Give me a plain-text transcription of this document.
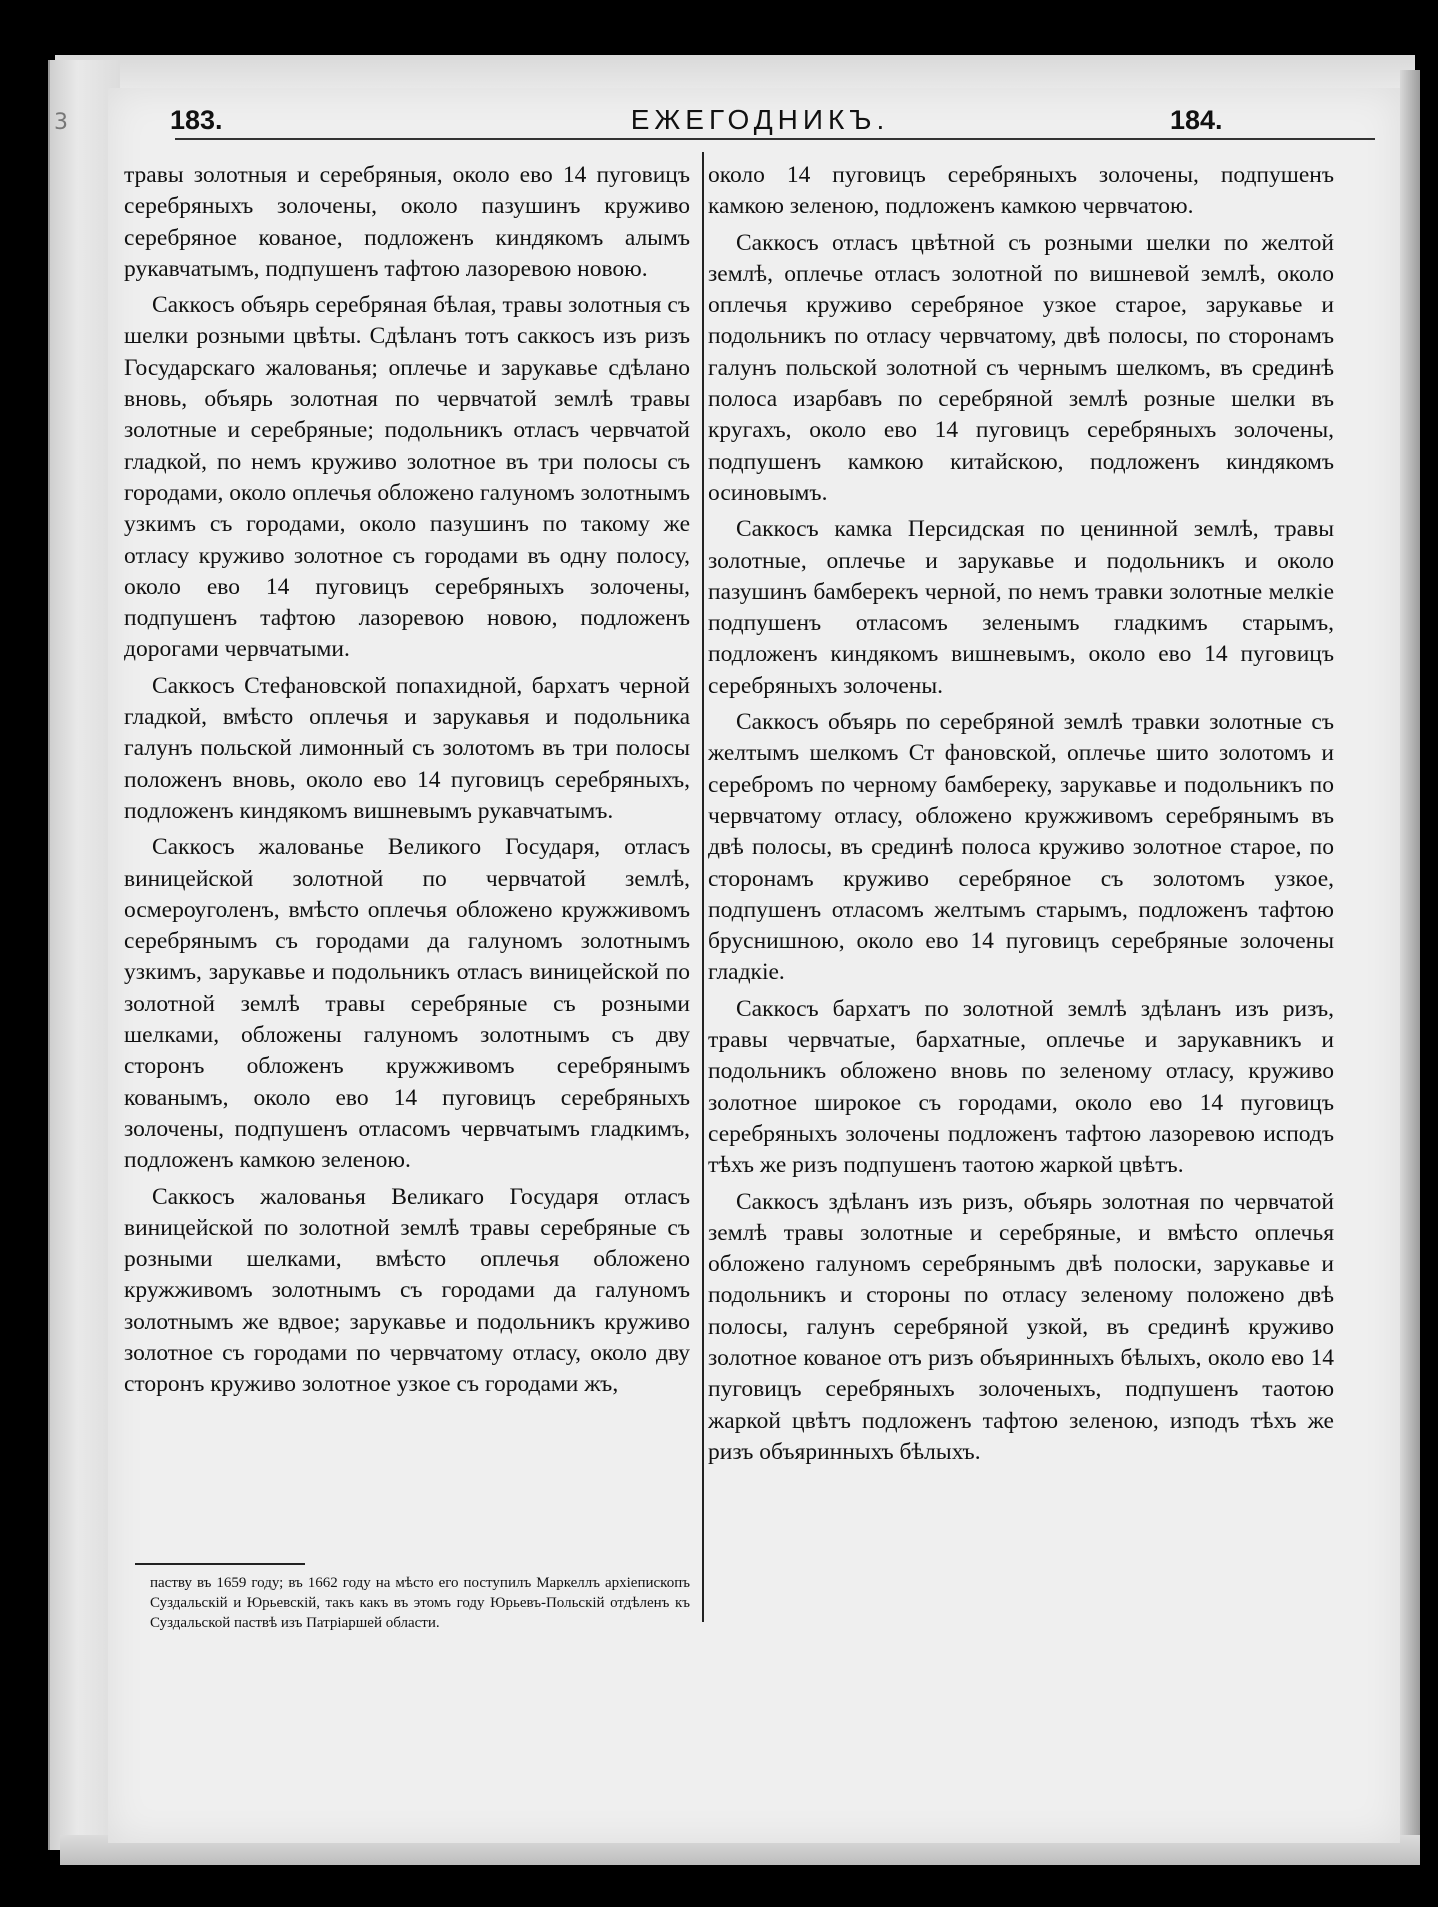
3	183.	ЕЖЕГОДНИКЪ.	184.

травы золотныя и серебряныя, около ево 14 пуговицъ серебряныхъ золочены, около пазушинъ круживо серебряное кованое, подложенъ киндякомъ алымъ рукавчатымъ, подпушенъ тафтою лазоревою новою.

Саккосъ объярь серебряная бѣлая, травы золотныя съ шелки розными цвѣты. Сдѣланъ тотъ саккосъ изъ ризъ Государскаго жалованья; оплечье и зарукавье сдѣлано вновь, объярь золотная по червчатой землѣ травы золотные и серебряные; подольникъ отласъ червчатой гладкой, по немъ круживо золотное въ три полосы съ городами, около оплечья обложено галуномъ золотнымъ узкимъ съ городами, около пазушинъ по такому же отласу круживо золотное съ городами въ одну полосу, около ево 14 пуговицъ серебряныхъ золочены, подпушенъ тафтою лазоревою новою, подложенъ дорогами червчатыми.

Саккосъ Стефановской попахидной, бархатъ черной гладкой, вмѣсто оплечья и зарукавья и подольника галунъ польской лимонный съ золотомъ въ три полосы положенъ вновь, около ево 14 пуговицъ серебряныхъ, подложенъ киндякомъ вишневымъ рукавчатымъ.

Саккосъ жалованье Великого Государя, отласъ виницейской золотной по червчатой землѣ, осмероуголенъ, вмѣсто оплечья обложено кружживомъ серебрянымъ съ городами да галуномъ золотнымъ узкимъ, зарукавье и подольникъ отласъ виницейской по золотной землѣ травы серебряные съ розными шелками, обложены галуномъ золотнымъ съ дву сторонъ обложенъ кружживомъ серебрянымъ кованымъ, около ево 14 пуговицъ серебряныхъ золочены, подпушенъ отласомъ червчатымъ гладкимъ, подложенъ камкою зеленою.

Саккосъ жалованья Великаго Государя отласъ виницейской по золотной землѣ травы серебряные съ розными шелками, вмѣсто оплечья обложено кружживомъ золотнымъ съ городами да галуномъ золотнымъ же вдвое; зарукавье и подольникъ круживо золотное съ городами по червчатому отласу, около дву сторонъ круживо золотное узкое съ городами жъ,

паству въ 1659 году; въ 1662 году на мѣсто его поступилъ Маркеллъ архіепископъ Суздальскій и Юрьевскій, такъ какъ въ этомъ году Юрьевъ-Польскій отдѣленъ къ Суздальской паствѣ изъ Патріаршей области.

около 14 пуговицъ серебряныхъ золочены, подпушенъ камкою зеленою, подложенъ камкою червчатою.

Саккосъ отласъ цвѣтной съ розными шелки по желтой землѣ, оплечье отласъ золотной по вишневой землѣ, около оплечья круживо серебряное узкое старое, зарукавье и подольникъ по отласу червчатому, двѣ полосы, по сторонамъ галунъ польской золотной съ чернымъ шелкомъ, въ срединѣ полоса изарбавъ по серебряной землѣ розные шелки въ кругахъ, около ево 14 пуговицъ серебряныхъ золочены, подпушенъ камкою китайскою, подложенъ киндякомъ осиновымъ.

Саккосъ камка Персидская по ценинной землѣ, травы золотные, оплечье и зарукавье и подольникъ и около пазушинъ бамберекъ черной, по немъ травки золотные мелкіе подпушенъ отласомъ зеленымъ гладкимъ старымъ, подложенъ киндякомъ вишневымъ, около ево 14 пуговицъ серебряныхъ золочены.

Саккосъ объярь по серебряной землѣ травки золотные съ желтымъ шелкомъ Ст фановской, оплечье шито золотомъ и серебромъ по черному бамбереку, зарукавье и подольникъ по червчатому отласу, обложено кружживомъ серебрянымъ въ двѣ полосы, въ срединѣ полоса круживо золотное старое, по сторонамъ круживо серебряное съ золотомъ узкое, подпушенъ отласомъ желтымъ старымъ, подложенъ тафтою бруснишною, около ево 14 пуговицъ серебряные золочены гладкіе.

Саккосъ бархатъ по золотной землѣ здѣланъ изъ ризъ, травы червчатые, бархатные, оплечье и зарукавникъ и подольникъ обложено вновь по зеленому отласу, круживо золотное широкое съ городами, около ево 14 пуговицъ серебряныхъ золочены подложенъ тафтою лазоревою исподъ тѣхъ же ризъ подпушенъ таотою жаркой цвѣтъ.

Саккосъ здѣланъ изъ ризъ, объярь золотная по червчатой землѣ травы золотные и серебряные, и вмѣсто оплечья обложено галуномъ серебрянымъ двѣ полоски, зарукавье и подольникъ и стороны по отласу зеленому положено двѣ полосы, галунъ серебряной узкой, въ срединѣ круживо золотное кованое отъ ризъ объяринныхъ бѣлыхъ, около ево 14 пуговицъ серебряныхъ золоченыхъ, подпушенъ таотою жаркой цвѣтъ подложенъ тафтою зеленою, изподъ тѣхъ же ризъ объяринныхъ бѣлыхъ.
